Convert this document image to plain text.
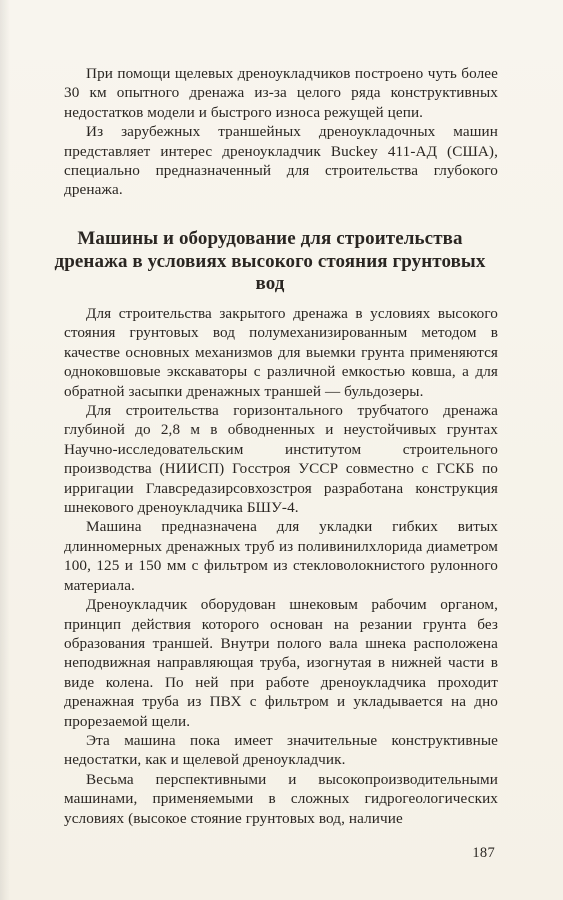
При помощи щелевых дреноукладчиков построено чуть более 30 км опытного дренажа из-за целого ряда конструктивных недостатков модели и быстрого износа режущей цепи.

Из зарубежных траншейных дреноукладочных машин представляет интерес дреноукладчик Buckey 411-АД (США), специально предназначенный для строительства глубокого дренажа.

Машины и оборудование для строительства дренажа в условиях высокого стояния грунтовых вод

Для строительства закрытого дренажа в условиях высокого стояния грунтовых вод полумеханизированным методом в качестве основных механизмов для выемки грунта применяются одноковшовые экскаваторы с различной емкостью ковша, а для обратной засыпки дренажных траншей — бульдозеры.

Для строительства горизонтального трубчатого дренажа глубиной до 2,8 м в обводненных и неустойчивых грунтах Научно-исследовательским институтом строительного производства (НИИСП) Госстроя УССР совместно с ГСКБ по ирригации Главсредазирсовхозстроя разработана конструкция шнекового дреноукладчика БШУ-4.

Машина предназначена для укладки гибких витых длинномерных дренажных труб из поливинилхлорида диаметром 100, 125 и 150 мм с фильтром из стекловолокнистого рулонного материала.

Дреноукладчик оборудован шнековым рабочим органом, принцип действия которого основан на резании грунта без образования траншей. Внутри полого вала шнека расположена неподвижная направляющая труба, изогнутая в нижней части в виде колена. По ней при работе дреноукладчика проходит дренажная труба из ПВХ с фильтром и укладывается на дно прорезаемой щели.

Эта машина пока имеет значительные конструктивные недостатки, как и щелевой дреноукладчик.

Весьма перспективными и высокопроизводительными машинами, применяемыми в сложных гидрогеологических условиях (высокое стояние грунтовых вод, наличие

187
